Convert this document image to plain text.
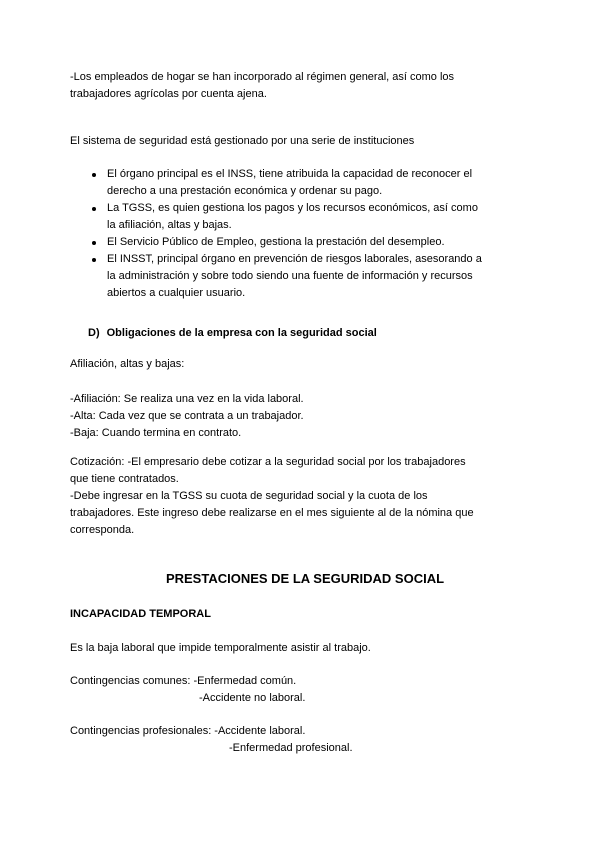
-Los empleados de hogar se han incorporado al régimen general, así como los
trabajadores agrícolas por cuenta ajena.

El sistema de seguridad está gestionado por una serie de instituciones

El órgano principal es el INSS, tiene atribuida la capacidad de reconocer el
derecho a una prestación económica y ordenar su pago.
La TGSS, es quien gestiona los pagos y los recursos económicos, así como
la afiliación, altas y bajas.
El Servicio Público de Empleo, gestiona la prestación del desempleo.
El INSST, principal órgano en prevención de riesgos laborales, asesorando a
la administración y sobre todo siendo una fuente de información y recursos
abiertos a cualquier usuario.
D) Obligaciones de la empresa con la seguridad social

Afiliación, altas y bajas:

-Afiliación: Se realiza una vez en la vida laboral.
-Alta: Cada vez que se contrata a un trabajador.
-Baja: Cuando termina en contrato.

Cotización: -El empresario debe cotizar a la seguridad social por los trabajadores
que tiene contratados.
-Debe ingresar en la TGSS su cuota de seguridad social y la cuota de los
trabajadores. Este ingreso debe realizarse en el mes siguiente al de la nómina que
corresponda.

PRESTACIONES DE LA SEGURIDAD SOCIAL
INCAPACIDAD TEMPORAL

Es la baja laboral que impide temporalmente asistir al trabajo.

Contingencias comunes: -Enfermedad común.
-Accidente no laboral.
Contingencias profesionales: -Accidente laboral.
-Enfermedad profesional.
